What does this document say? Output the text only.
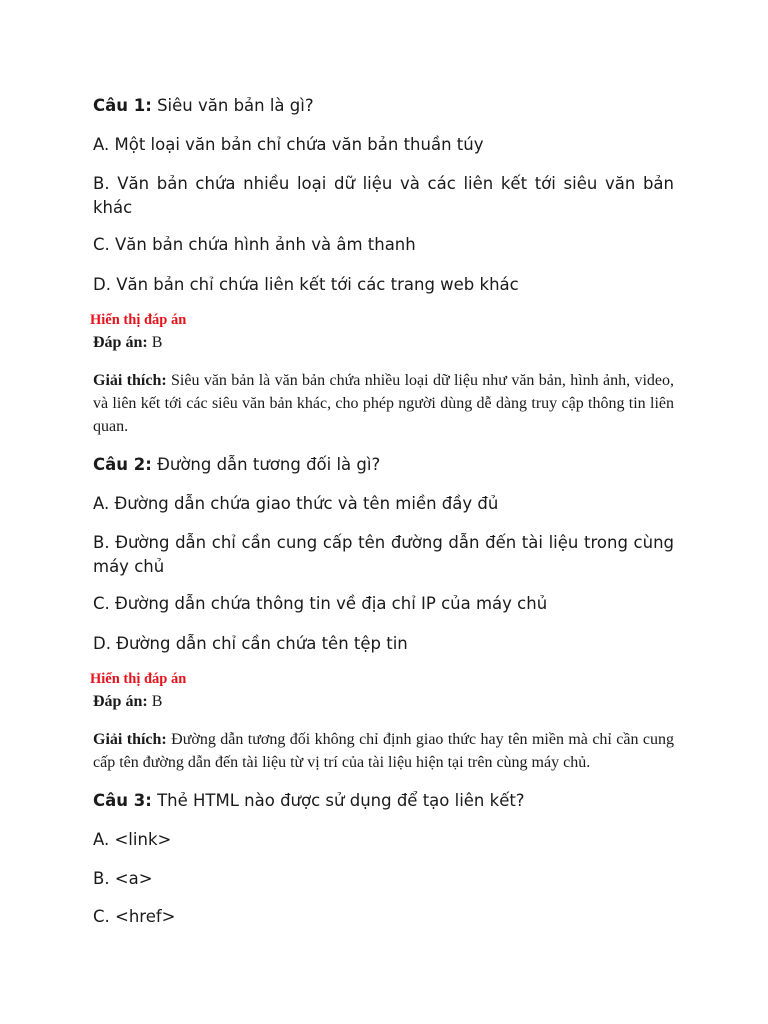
Câu 1: Siêu văn bản là gì?

A. Một loại văn bản chỉ chứa văn bản thuần túy

B. Văn bản chứa nhiều loại dữ liệu và các liên kết tới siêu văn bản khác

C. Văn bản chứa hình ảnh và âm thanh

D. Văn bản chỉ chứa liên kết tới các trang web khác

Hiển thị đáp án

Đáp án: B

Giải thích: Siêu văn bản là văn bản chứa nhiều loại dữ liệu như văn bản, hình ảnh, video, và liên kết tới các siêu văn bản khác, cho phép người dùng dễ dàng truy cập thông tin liên quan.

Câu 2: Đường dẫn tương đối là gì?

A. Đường dẫn chứa giao thức và tên miền đầy đủ

B. Đường dẫn chỉ cần cung cấp tên đường dẫn đến tài liệu trong cùng máy chủ

C. Đường dẫn chứa thông tin về địa chỉ IP của máy chủ

D. Đường dẫn chỉ cần chứa tên tệp tin

Hiển thị đáp án

Đáp án: B

Giải thích: Đường dẫn tương đối không chỉ định giao thức hay tên miền mà chỉ cần cung cấp tên đường dẫn đến tài liệu từ vị trí của tài liệu hiện tại trên cùng máy chủ.

Câu 3: Thẻ HTML nào được sử dụng để tạo liên kết?

A. <link>

B. <a>

C. <href>
